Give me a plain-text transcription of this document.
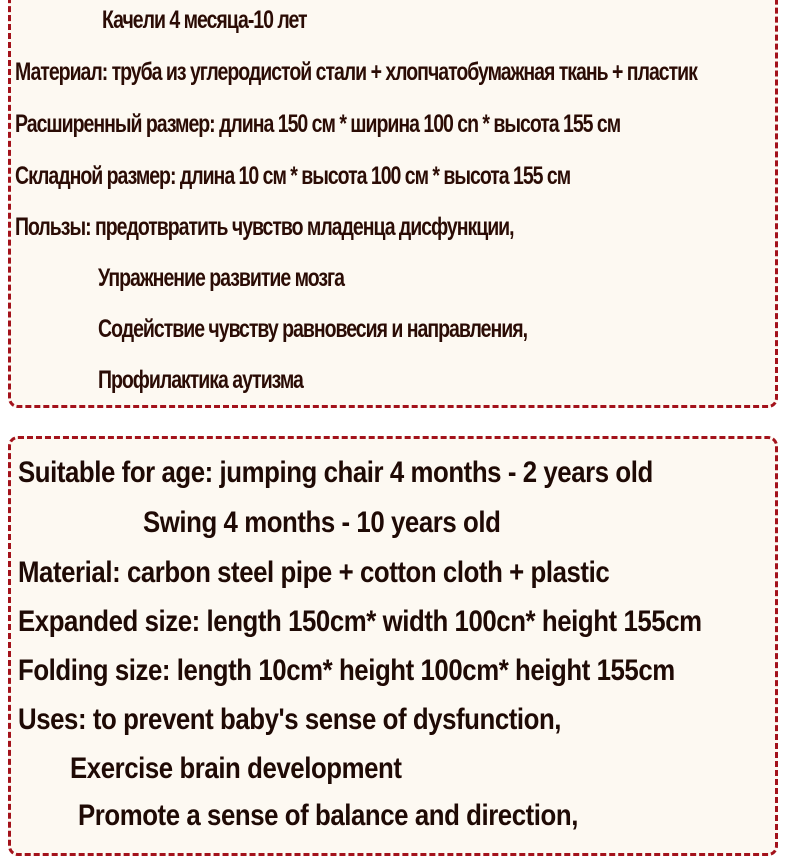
Качели 4 месяца-10 лет
Материал: труба из углеродистой стали + хлопчатобумажная ткань + пластик
Расширенный размер: длина 150 см * ширина 100 cn * высота 155 см
Складной размер: длина 10 см * высота 100 см * высота 155 см
Пользы: предотвратить чувство младенца дисфункции,
Упражнение развитие мозга
Содействие чувству равновесия и направления,
Профилактика аутизма
Suitable for age: jumping chair 4 months - 2 years old
Swing 4 months - 10 years old
Material: carbon steel pipe + cotton cloth + plastic
Expanded size: length 150cm* width 100cn* height 155cm
Folding size: length 10cm* height 100cm* height 155cm
Uses: to prevent baby's sense of dysfunction,
Exercise brain development
Promote a sense of balance and direction,
